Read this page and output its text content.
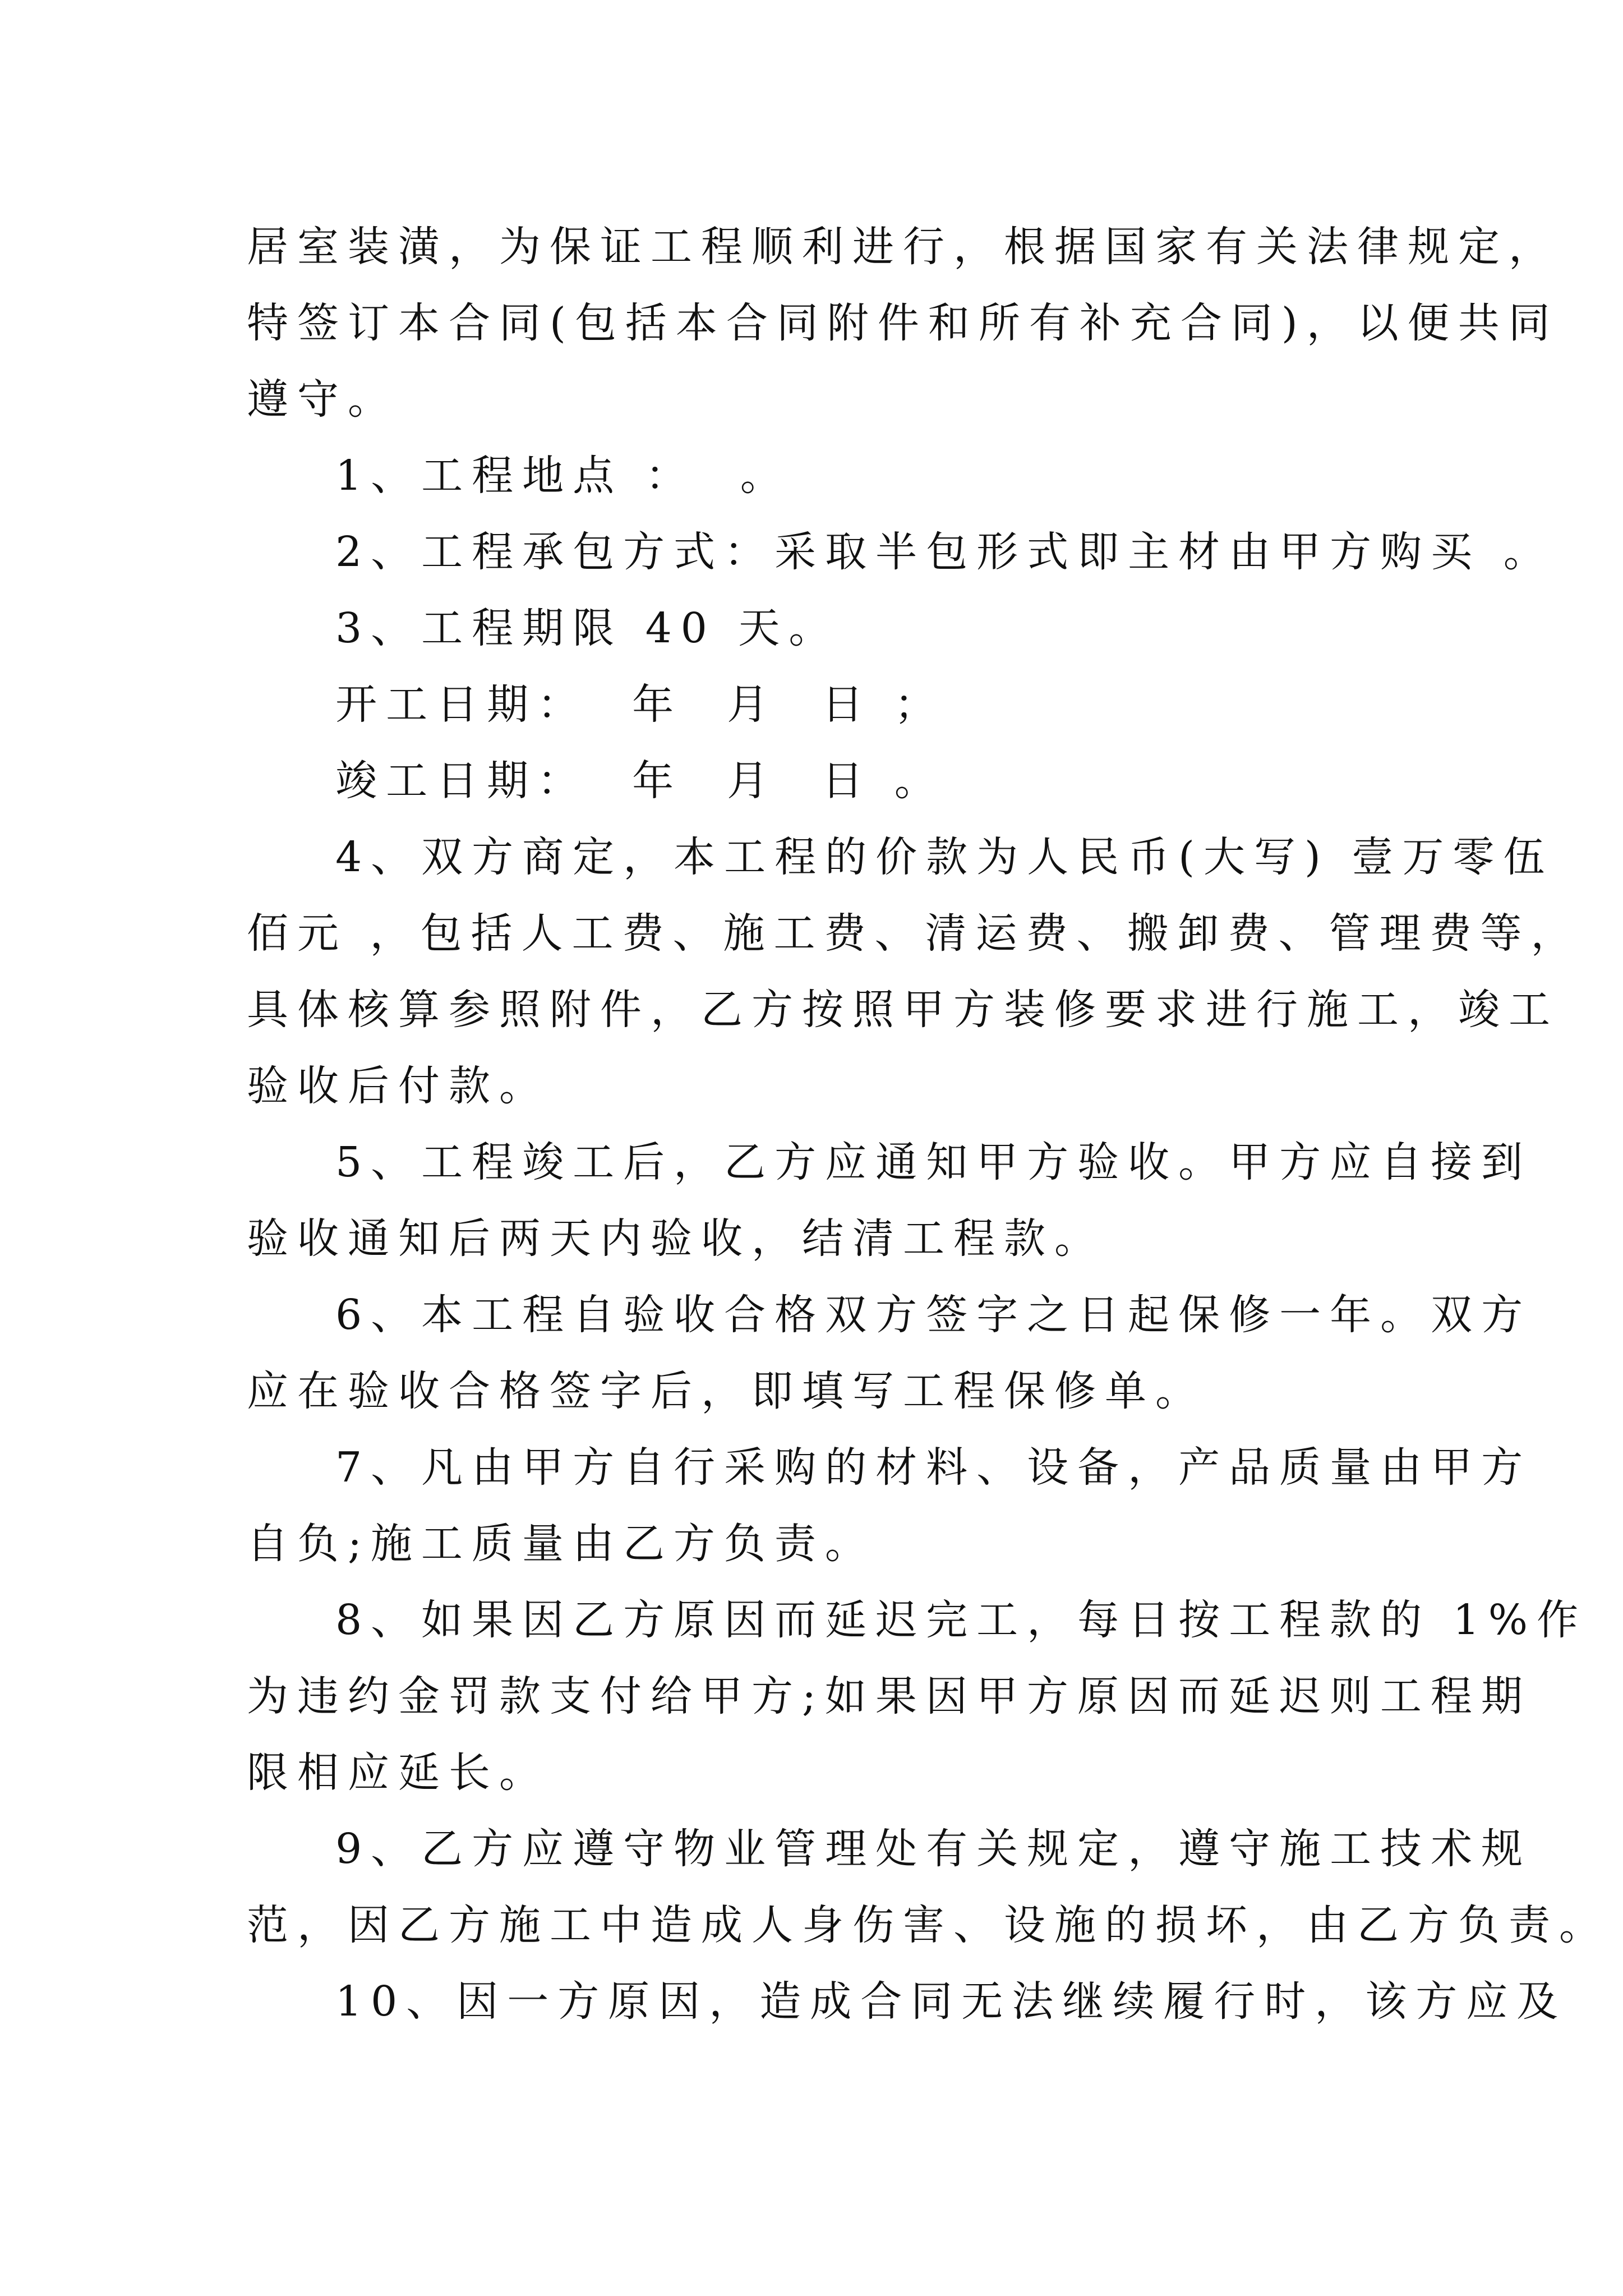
居室装潢，为保证工程顺利进行，根据国家有关法律规定，
特签订本合同(包括本合同附件和所有补充合同)，以便共同
遵守。
1、工程地点 ：  。
2、工程承包方式：采取半包形式即主材由甲方购买 。
3、工程期限 40 天。
开工日期：  年  月  日 ；
竣工日期：  年  月  日 。
4、双方商定，本工程的价款为人民币(大写) 壹万零伍
佰元 ，包括人工费、施工费、清运费、搬卸费、管理费等，
具体核算参照附件，乙方按照甲方装修要求进行施工，竣工
验收后付款。
5、工程竣工后，乙方应通知甲方验收。甲方应自接到
验收通知后两天内验收，结清工程款。
6、本工程自验收合格双方签字之日起保修一年。双方
应在验收合格签字后，即填写工程保修单。
7、凡由甲方自行采购的材料、设备，产品质量由甲方
自负;施工质量由乙方负责。
8、如果因乙方原因而延迟完工，每日按工程款的 1%作
为违约金罚款支付给甲方;如果因甲方原因而延迟则工程期
限相应延长。
9、乙方应遵守物业管理处有关规定，遵守施工技术规
范，因乙方施工中造成人身伤害、设施的损坏，由乙方负责。
10、因一方原因，造成合同无法继续履行时，该方应及
